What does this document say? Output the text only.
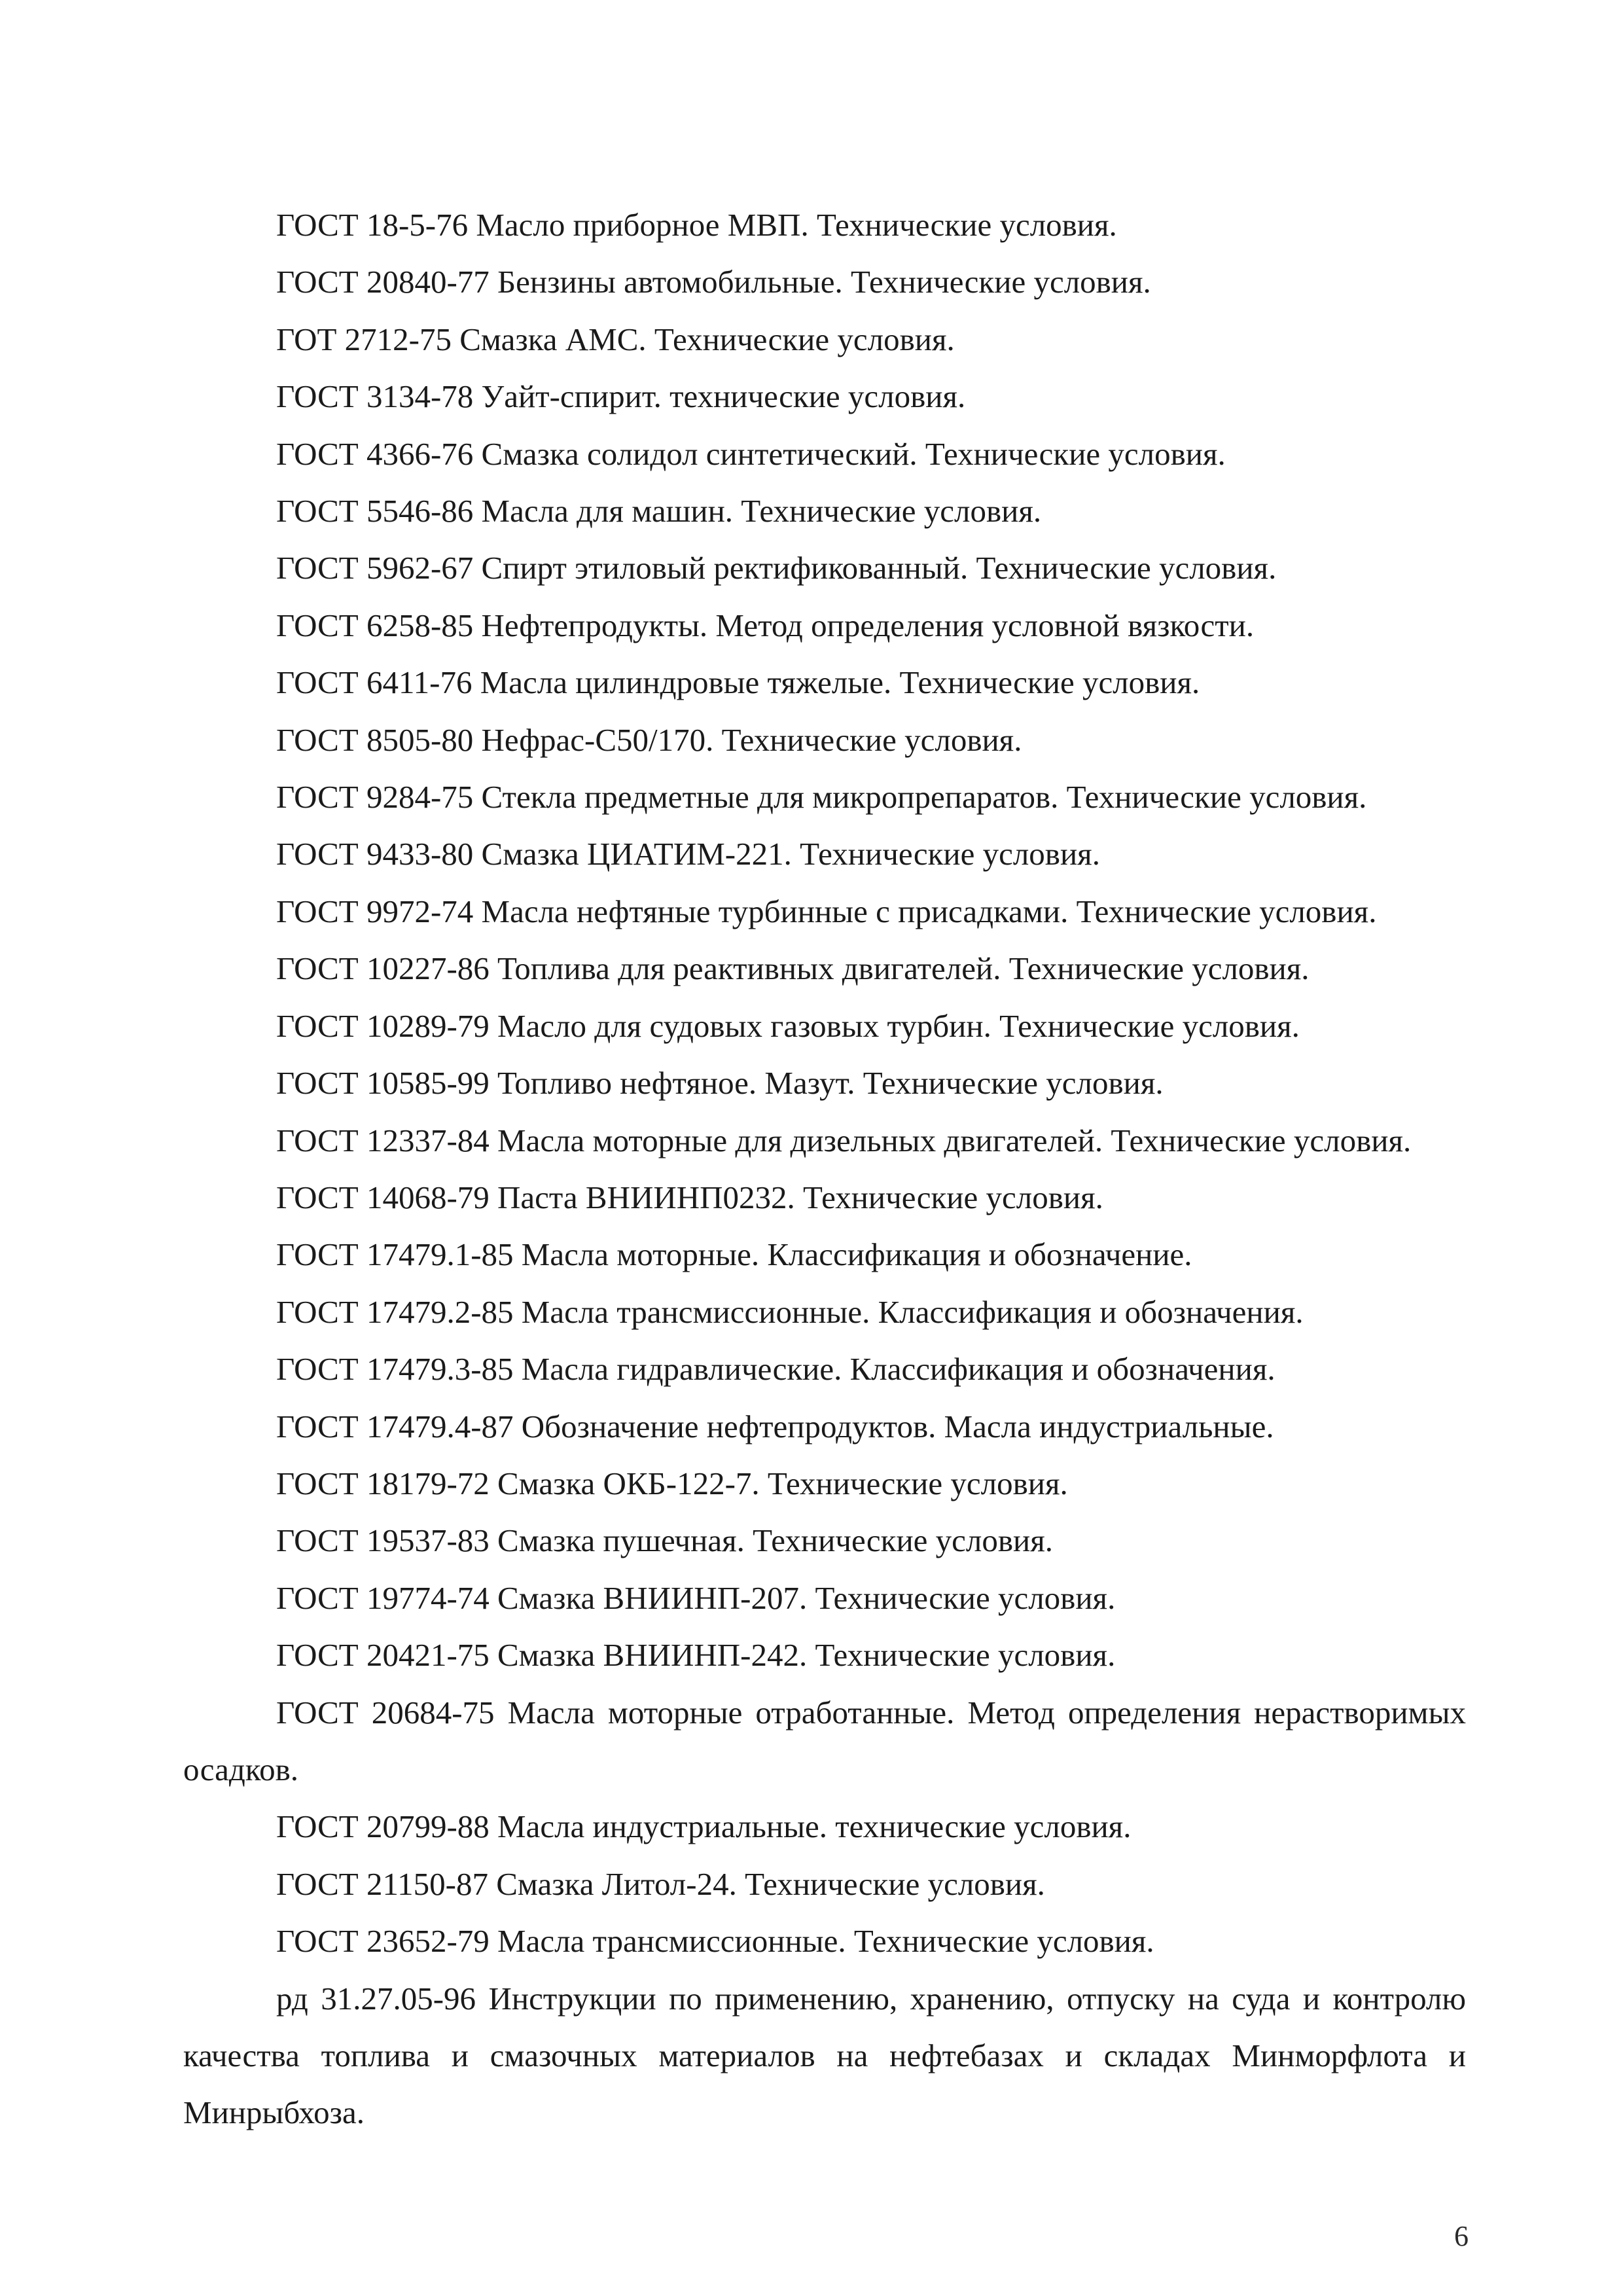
ГОСТ 18-5-76 Масло приборное МВП. Технические условия.
ГОСТ 20840-77 Бензины автомобильные. Технические условия.
ГОТ 2712-75 Смазка АМС. Технические условия.
ГОСТ 3134-78 Уайт-спирит. технические условия.
ГОСТ 4366-76 Смазка солидол синтетический. Технические условия.
ГОСТ 5546-86 Масла для машин. Технические условия.
ГОСТ 5962-67 Спирт этиловый ректификованный. Технические условия.
ГОСТ 6258-85 Нефтепродукты. Метод определения условной вязкости.
ГОСТ 6411-76 Масла цилиндровые тяжелые. Технические условия.
ГОСТ 8505-80 Нефрас-С50/170. Технические условия.
ГОСТ 9284-75 Стекла предметные для микропрепаратов. Технические условия.
ГОСТ 9433-80 Смазка ЦИАТИМ-221. Технические условия.
ГОСТ 9972-74 Масла нефтяные турбинные с присадками. Технические условия.
ГОСТ 10227-86 Топлива для реактивных двигателей. Технические условия.
ГОСТ 10289-79 Масло для судовых газовых турбин. Технические условия.
ГОСТ 10585-99 Топливо нефтяное. Мазут. Технические условия.
ГОСТ 12337-84 Масла моторные для дизельных двигателей. Технические условия.
ГОСТ 14068-79 Паста ВНИИНП0232. Технические условия.
ГОСТ 17479.1-85 Масла моторные. Классификация и обозначение.
ГОСТ 17479.2-85 Масла трансмиссионные. Классификация и обозначения.
ГОСТ 17479.3-85 Масла гидравлические. Классификация и обозначения.
ГОСТ 17479.4-87 Обозначение нефтепродуктов. Масла индустриальные.
ГОСТ 18179-72 Смазка ОКБ-122-7. Технические условия.
ГОСТ 19537-83 Смазка пушечная. Технические условия.
ГОСТ 19774-74 Смазка ВНИИНП-207. Технические условия.
ГОСТ 20421-75 Смазка ВНИИНП-242. Технические условия.
ГОСТ 20684-75 Масла моторные отработанные. Метод определения нерастворимых осадков.
ГОСТ 20799-88 Масла индустриальные. технические условия.
ГОСТ 21150-87 Смазка Литол-24. Технические условия.
ГОСТ 23652-79 Масла трансмиссионные. Технические условия.
рд 31.27.05-96 Инструкции по применению, хранению, отпуску на суда и контролю качества топлива и смазочных материалов на нефтебазах и складах Минморфлота и Минрыбхоза.
6
